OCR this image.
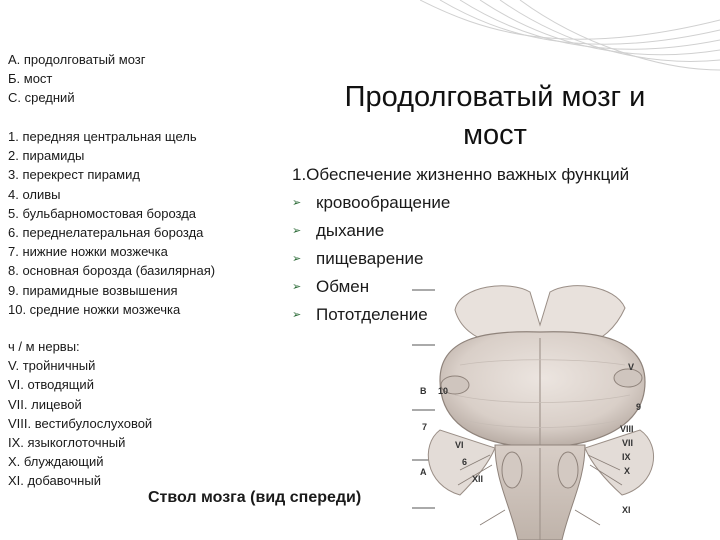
А. продолговатый мозг
Б. мост
С. средний
1. передняя центральная щель
2. пирамиды
3. перекрест пирамид
4. оливы
5. бульбарномостовая борозда
6. переднелатеральная борозда
7. нижние ножки мозжечка
8. основная борозда (базилярная)
9. пирамидные возвышения
10. средние ножки мозжечка
ч / м нервы:
V. тройничный
VI. отводящий
VII. лицевой
VIII. вестибулослуховой
IX. языкоглоточный
X. блуждающий
XI. добавочный
В 10
7
VI
6
А
XII
V
9
VIII
VII
IX
X
XI
Продолговатый мозг и
мост
1.Обеспечение жизненно важных функций
➢ кровообращение
➢ дыхание
➢ пищеварение
➢ Обмен
➢ Пототделение
Ствол мозга (вид спереди)
